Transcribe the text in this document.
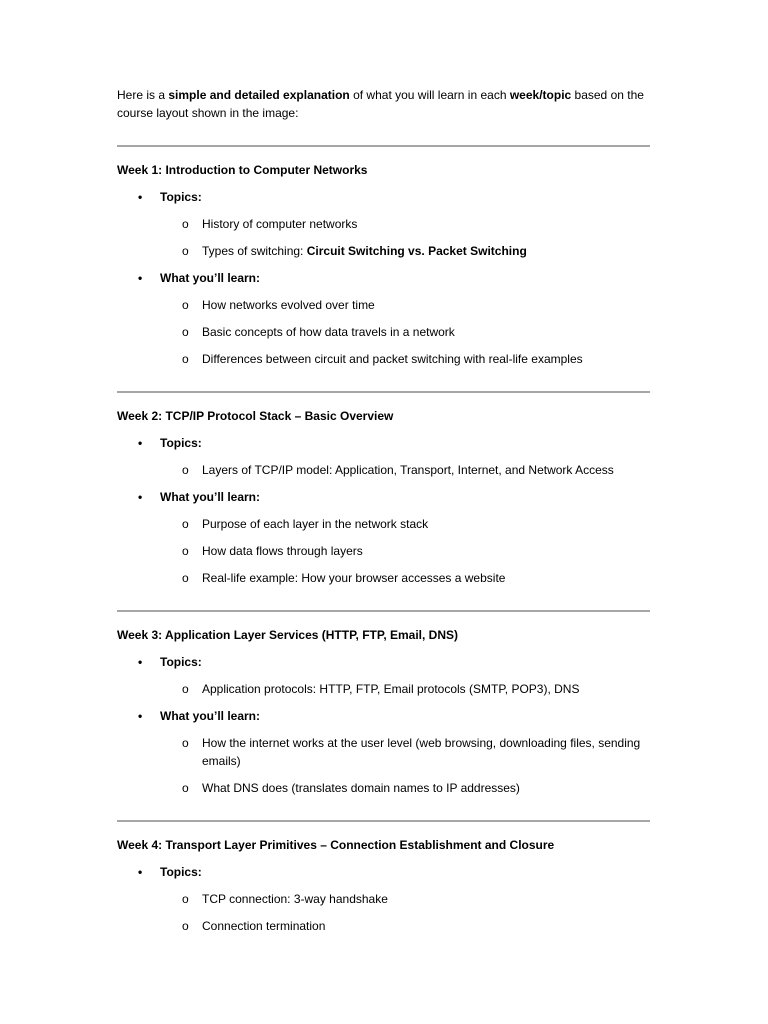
Here is a simple and detailed explanation of what you will learn in each week/topic based on the course layout shown in the image:

Week 1: Introduction to Computer Networks

• Topics:
o History of computer networks
o Types of switching: Circuit Switching vs. Packet Switching
• What you’ll learn:
o How networks evolved over time
o Basic concepts of how data travels in a network
o Differences between circuit and packet switching with real-life examples

Week 2: TCP/IP Protocol Stack – Basic Overview

• Topics:
o Layers of TCP/IP model: Application, Transport, Internet, and Network Access
• What you’ll learn:
o Purpose of each layer in the network stack
o How data flows through layers
o Real-life example: How your browser accesses a website

Week 3: Application Layer Services (HTTP, FTP, Email, DNS)

• Topics:
o Application protocols: HTTP, FTP, Email protocols (SMTP, POP3), DNS
• What you’ll learn:
o How the internet works at the user level (web browsing, downloading files, sending emails)
o What DNS does (translates domain names to IP addresses)

Week 4: Transport Layer Primitives – Connection Establishment and Closure

• Topics:
o TCP connection: 3-way handshake
o Connection termination
